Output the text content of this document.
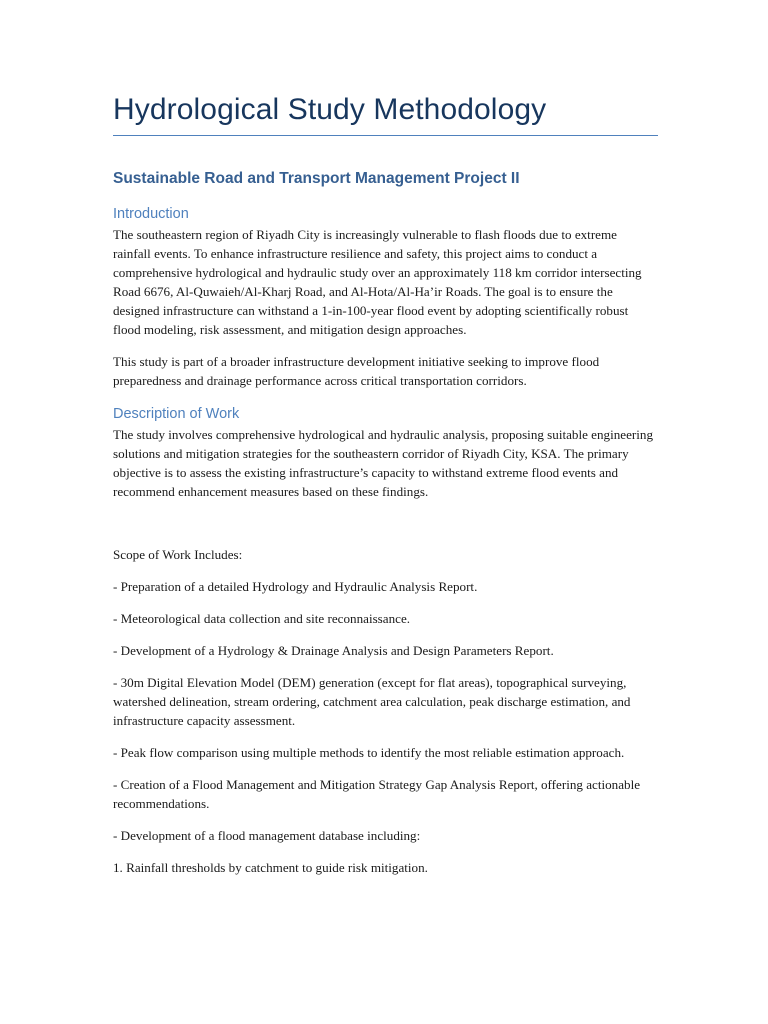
Hydrological Study Methodology
Sustainable Road and Transport Management Project II
Introduction

The southeastern region of Riyadh City is increasingly vulnerable to flash floods due to extreme rainfall events. To enhance infrastructure resilience and safety, this project aims to conduct a comprehensive hydrological and hydraulic study over an approximately 118 km corridor intersecting Road 6676, Al-Quwaieh/Al-Kharj Road, and Al-Hota/Al-Ha’ir Roads. The goal is to ensure the designed infrastructure can withstand a 1-in-100-year flood event by adopting scientifically robust flood modeling, risk assessment, and mitigation design approaches.

This study is part of a broader infrastructure development initiative seeking to improve flood preparedness and drainage performance across critical transportation corridors.

Description of Work

The study involves comprehensive hydrological and hydraulic analysis, proposing suitable engineering solutions and mitigation strategies for the southeastern corridor of Riyadh City, KSA. The primary objective is to assess the existing infrastructure’s capacity to withstand extreme flood events and recommend enhancement measures based on these findings.

Scope of Work Includes:

- Preparation of a detailed Hydrology and Hydraulic Analysis Report.

- Meteorological data collection and site reconnaissance.

- Development of a Hydrology & Drainage Analysis and Design Parameters Report.

- 30m Digital Elevation Model (DEM) generation (except for flat areas), topographical surveying, watershed delineation, stream ordering, catchment area calculation, peak discharge estimation, and infrastructure capacity assessment.

- Peak flow comparison using multiple methods to identify the most reliable estimation approach.

- Creation of a Flood Management and Mitigation Strategy Gap Analysis Report, offering actionable recommendations.

- Development of a flood management database including:

1. Rainfall thresholds by catchment to guide risk mitigation.
